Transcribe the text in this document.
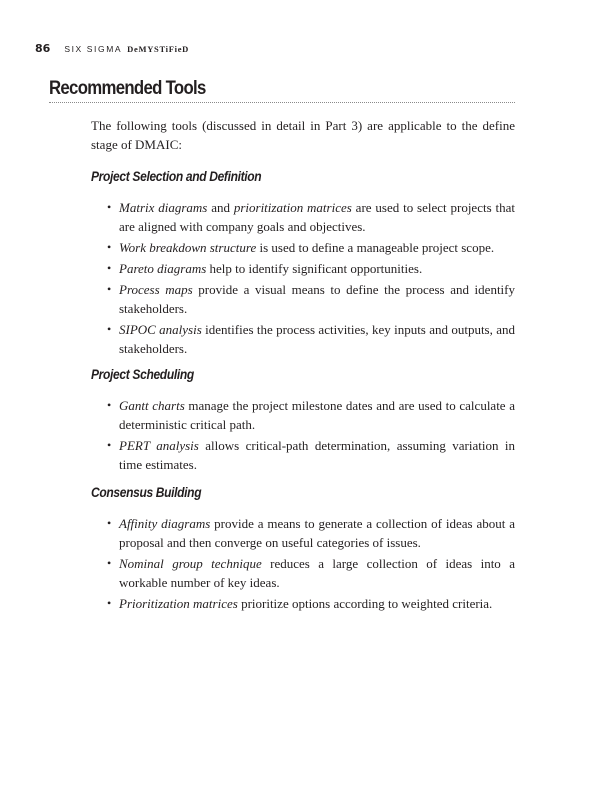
86 SIX SIGMA DeMYSTiFieD
Recommended Tools

The following tools (discussed in detail in Part 3) are applicable to the define stage of DMAIC:

Project Selection and Definition
• Matrix diagrams and prioritization matrices are used to select projects that are aligned with company goals and objectives.
• Work breakdown structure is used to define a manageable project scope.
• Pareto diagrams help to identify significant opportunities.
• Process maps provide a visual means to define the process and identify stakeholders.
• SIPOC analysis identifies the process activities, key inputs and outputs, and stakeholders.
Project Scheduling
• Gantt charts manage the project milestone dates and are used to calculate a deterministic critical path.
• PERT analysis allows critical-path determination, assuming variation in time estimates.
Consensus Building
• Affinity diagrams provide a means to generate a collection of ideas about a proposal and then converge on useful categories of issues.
• Nominal group technique reduces a large collection of ideas into a workable number of key ideas.
• Prioritization matrices prioritize options according to weighted criteria.
